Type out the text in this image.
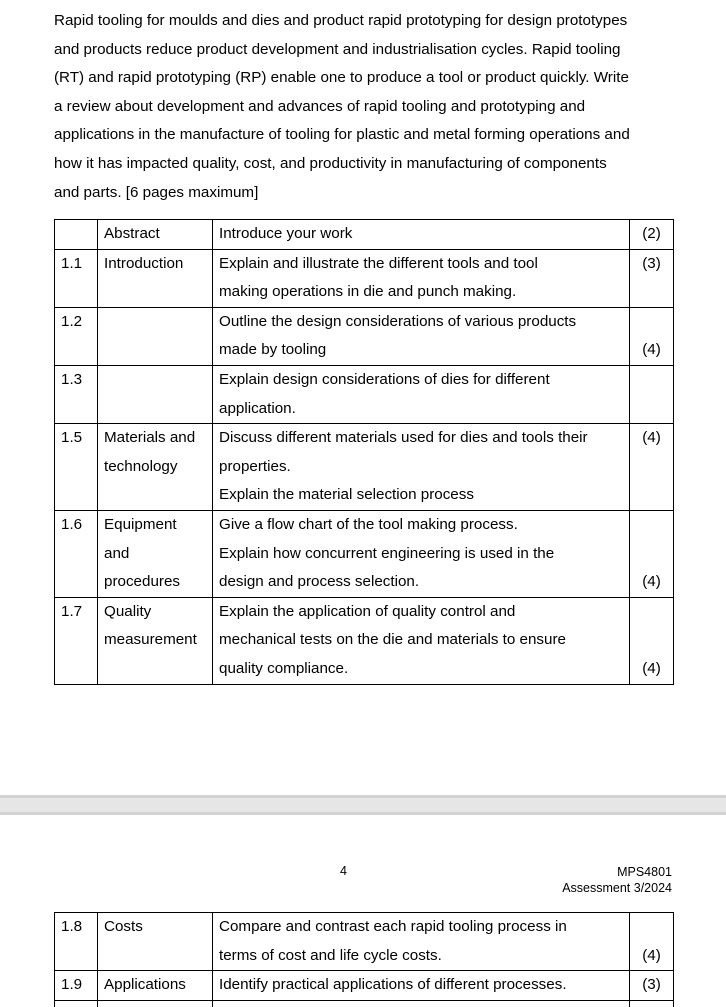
Rapid tooling for moulds and dies and product rapid prototyping for design prototypes
and products reduce product development and industrialisation cycles. Rapid tooling
(RT) and rapid prototyping (RP) enable one to produce a tool or product quickly. Write
a review about development and advances of rapid tooling and prototyping and
applications in the manufacture of tooling for plastic and metal forming operations and
how it has impacted quality, cost, and productivity in manufacturing of components
and parts. [6 pages maximum]

	Abstract	Introduce your work	(2)
1.1	Introduction	Explain and illustrate the different tools and tool
making operations in die and punch making.	(3)
1.2		Outline the design considerations of various products
made by tooling	(4)
1.3		Explain design considerations of dies for different
application.	

1.5	Materials and
technology	Discuss different materials used for dies and tools their
properties.
Explain the material selection process	(4)
1.6	Equipment
and
procedures	Give a flow chart of the tool making process.
Explain how concurrent engineering is used in the
design and process selection.	(4)
1.7	Quality
measurement	Explain the application of quality control and
mechanical tests on the die and materials to ensure
quality compliance.	(4)
4	MPS4801
Assessment 3/2024
1.8	Costs	Compare and contrast each rapid tooling process in
terms of cost and life cycle costs.	(4)
1.9	Applications	Identify practical applications of different processes.	(3)
